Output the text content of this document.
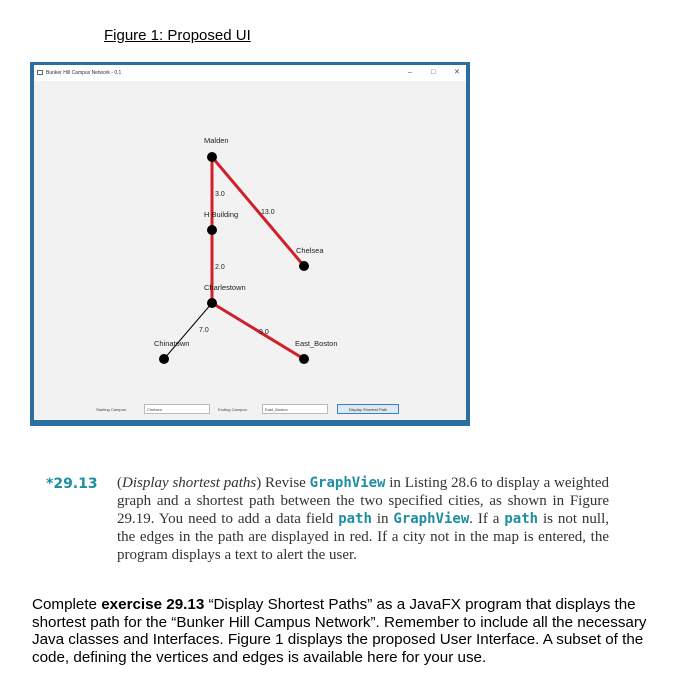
Figure 1: Proposed UI
Bunker Hill Campus Network - 0.1	–	□	✕
3.0
13.0
2.0
7.0	9.0
Malden
H Building
Chelsea
Charlestown
Chinatown	East_Boston
Starting Campus:
Chelsea	Ending Campus:
East_Boston	Display Shortest Path
*29.13 (Display shortest paths) Revise GraphView in Listing 28.6 to display a weighted graph and a shortest path between the two specified cities, as shown in Figure 29.19. You need to add a data field path in GraphView. If a path is not null, the edges in the path are displayed in red. If a city not in the map is entered, the program displays a text to alert the user.

Complete exercise 29.13 “Display Shortest Paths” as a JavaFX program that displays the shortest path for the “Bunker Hill Campus Network”. Remember to include all the necessary Java classes and Interfaces. Figure 1 displays the proposed User Interface. A subset of the code, defining the vertices and edges is available here for your use.
